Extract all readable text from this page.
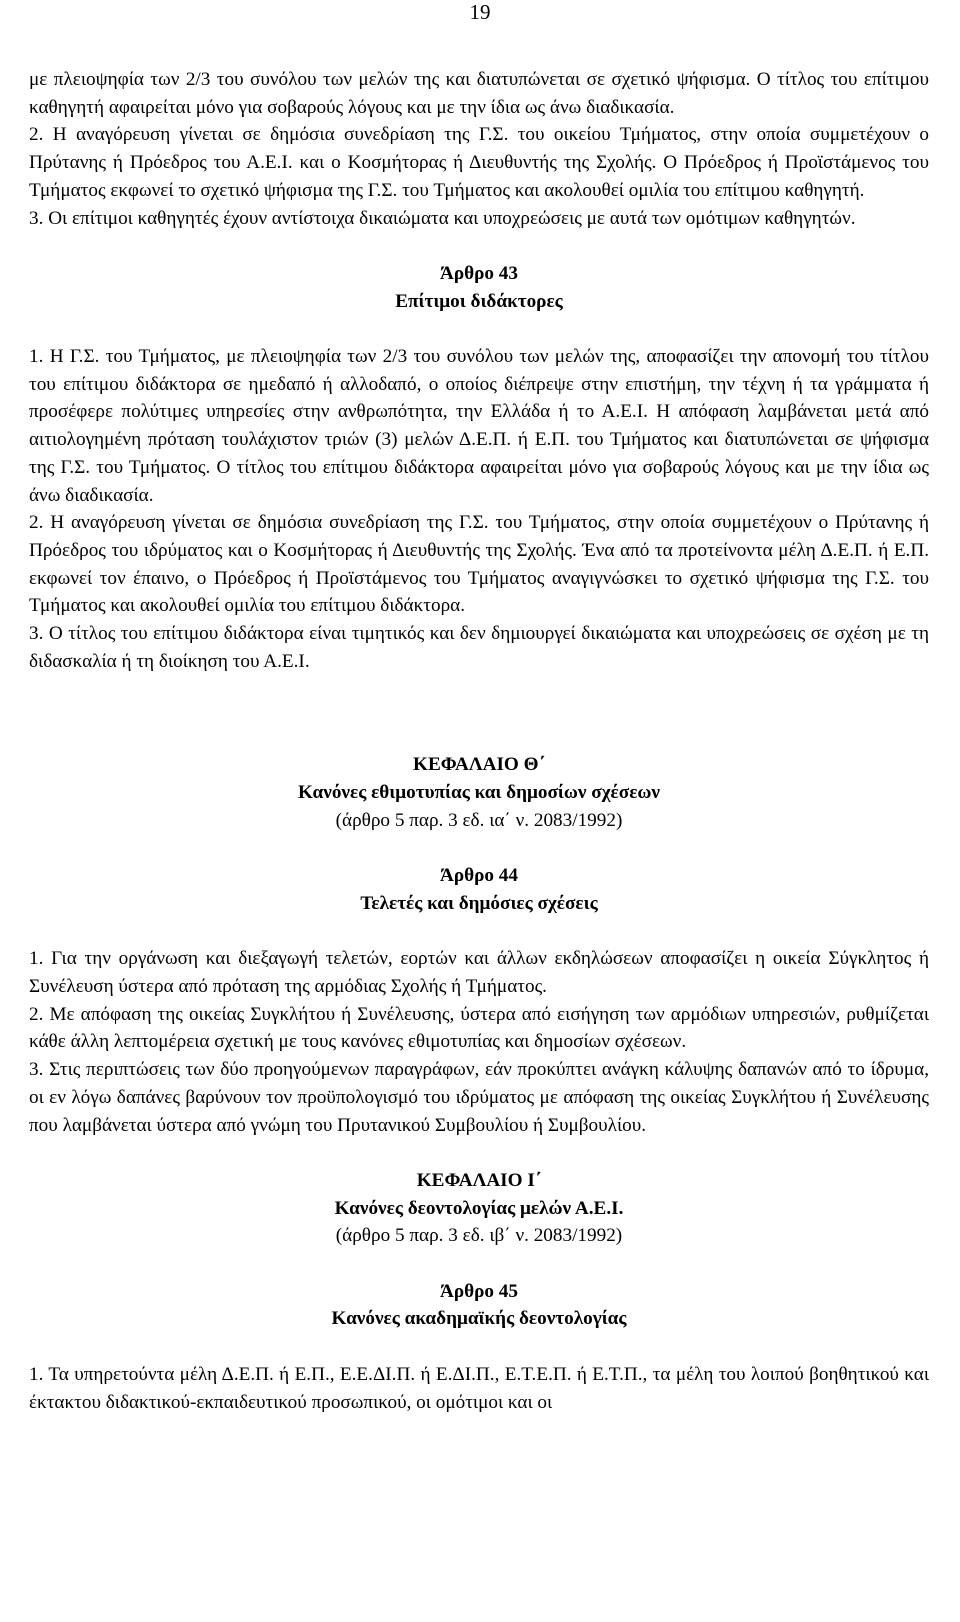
19

με πλειοψηφία των 2/3 του συνόλου των μελών της και διατυπώνεται σε σχετικό ψήφισμα. Ο τίτλος του επίτιμου καθηγητή αφαιρείται μόνο για σοβαρούς λόγους και με την ίδια ως άνω διαδικασία.

2. Η αναγόρευση γίνεται σε δημόσια συνεδρίαση της Γ.Σ. του οικείου Τμήματος, στην οποία συμμετέχουν ο Πρύτανης ή Πρόεδρος του Α.Ε.Ι. και ο Κοσμήτορας ή Διευθυντής της Σχολής. Ο Πρόεδρος ή Προϊστάμενος του Τμήματος εκφωνεί το σχετικό ψήφισμα της Γ.Σ. του Τμήματος και ακολουθεί ομιλία του επίτιμου καθηγητή.

3. Οι επίτιμοι καθηγητές έχουν αντίστοιχα δικαιώματα και υποχρεώσεις με αυτά των ομότιμων καθηγητών.

Άρθρο 43

Επίτιμοι διδάκτορες

1. Η Γ.Σ. του Τμήματος, με πλειοψηφία των 2/3 του συνόλου των μελών της, αποφασίζει την απονομή του τίτλου του επίτιμου διδάκτορα σε ημεδαπό ή αλλοδαπό, ο οποίος διέπρεψε στην επιστήμη, την τέχνη ή τα γράμματα ή προσέφερε πολύτιμες υπηρεσίες στην ανθρωπότητα, την Ελλάδα ή το Α.Ε.Ι. Η απόφαση λαμβάνεται μετά από αιτιολογημένη πρόταση τουλάχιστον τριών (3) μελών Δ.Ε.Π. ή Ε.Π. του Τμήματος και διατυπώνεται σε ψήφισμα της Γ.Σ. του Τμήματος. Ο τίτλος του επίτιμου διδάκτορα αφαιρείται μόνο για σοβαρούς λόγους και με την ίδια ως άνω διαδικασία.

2. Η αναγόρευση γίνεται σε δημόσια συνεδρίαση της Γ.Σ. του Τμήματος, στην οποία συμμετέχουν ο Πρύτανης ή Πρόεδρος του ιδρύματος και ο Κοσμήτορας ή Διευθυντής της Σχολής. Ένα από τα προτείνοντα μέλη Δ.Ε.Π. ή Ε.Π. εκφωνεί τον έπαινο, ο Πρόεδρος ή Προϊστάμενος του Τμήματος αναγιγνώσκει το σχετικό ψήφισμα της Γ.Σ. του Τμήματος και ακολουθεί ομιλία του επίτιμου διδάκτορα.

3. Ο τίτλος του επίτιμου διδάκτορα είναι τιμητικός και δεν δημιουργεί δικαιώματα και υποχρεώσεις σε σχέση με τη διδασκαλία ή τη διοίκηση του Α.Ε.Ι.

ΚΕΦΑΛΑΙΟ Θ΄

Κανόνες εθιμοτυπίας και δημοσίων σχέσεων

(άρθρο 5 παρ. 3 εδ. ια΄ ν. 2083/1992)

Άρθρο 44

Τελετές και δημόσιες σχέσεις

1. Για την οργάνωση και διεξαγωγή τελετών, εορτών και άλλων εκδηλώσεων αποφασίζει η οικεία Σύγκλητος ή Συνέλευση ύστερα από πρόταση της αρμόδιας Σχολής ή Τμήματος.

2. Με απόφαση της οικείας Συγκλήτου ή Συνέλευσης, ύστερα από εισήγηση των αρμόδιων υπηρεσιών, ρυθμίζεται κάθε άλλη λεπτομέρεια σχετική με τους κανόνες εθιμοτυπίας και δημοσίων σχέσεων.

3. Στις περιπτώσεις των δύο προηγούμενων παραγράφων, εάν προκύπτει ανάγκη κάλυψης δαπανών από το ίδρυμα, οι εν λόγω δαπάνες βαρύνουν τον προϋπολογισμό του ιδρύματος με απόφαση της οικείας Συγκλήτου ή Συνέλευσης που λαμβάνεται ύστερα από γνώμη του Πρυτανικού Συμβουλίου ή Συμβουλίου.

ΚΕΦΑΛΑΙΟ Ι΄

Κανόνες δεοντολογίας μελών Α.Ε.Ι.

(άρθρο 5 παρ. 3 εδ. ιβ΄ ν. 2083/1992)

Άρθρο 45

Κανόνες ακαδημαϊκής δεοντολογίας

1. Τα υπηρετούντα μέλη Δ.Ε.Π. ή Ε.Π., Ε.Ε.ΔΙ.Π. ή Ε.ΔΙ.Π., Ε.Τ.Ε.Π. ή Ε.Τ.Π., τα μέλη του λοιπού βοηθητικού και έκτακτου διδακτικού-εκπαιδευτικού προσωπικού, οι ομότιμοι και οι
